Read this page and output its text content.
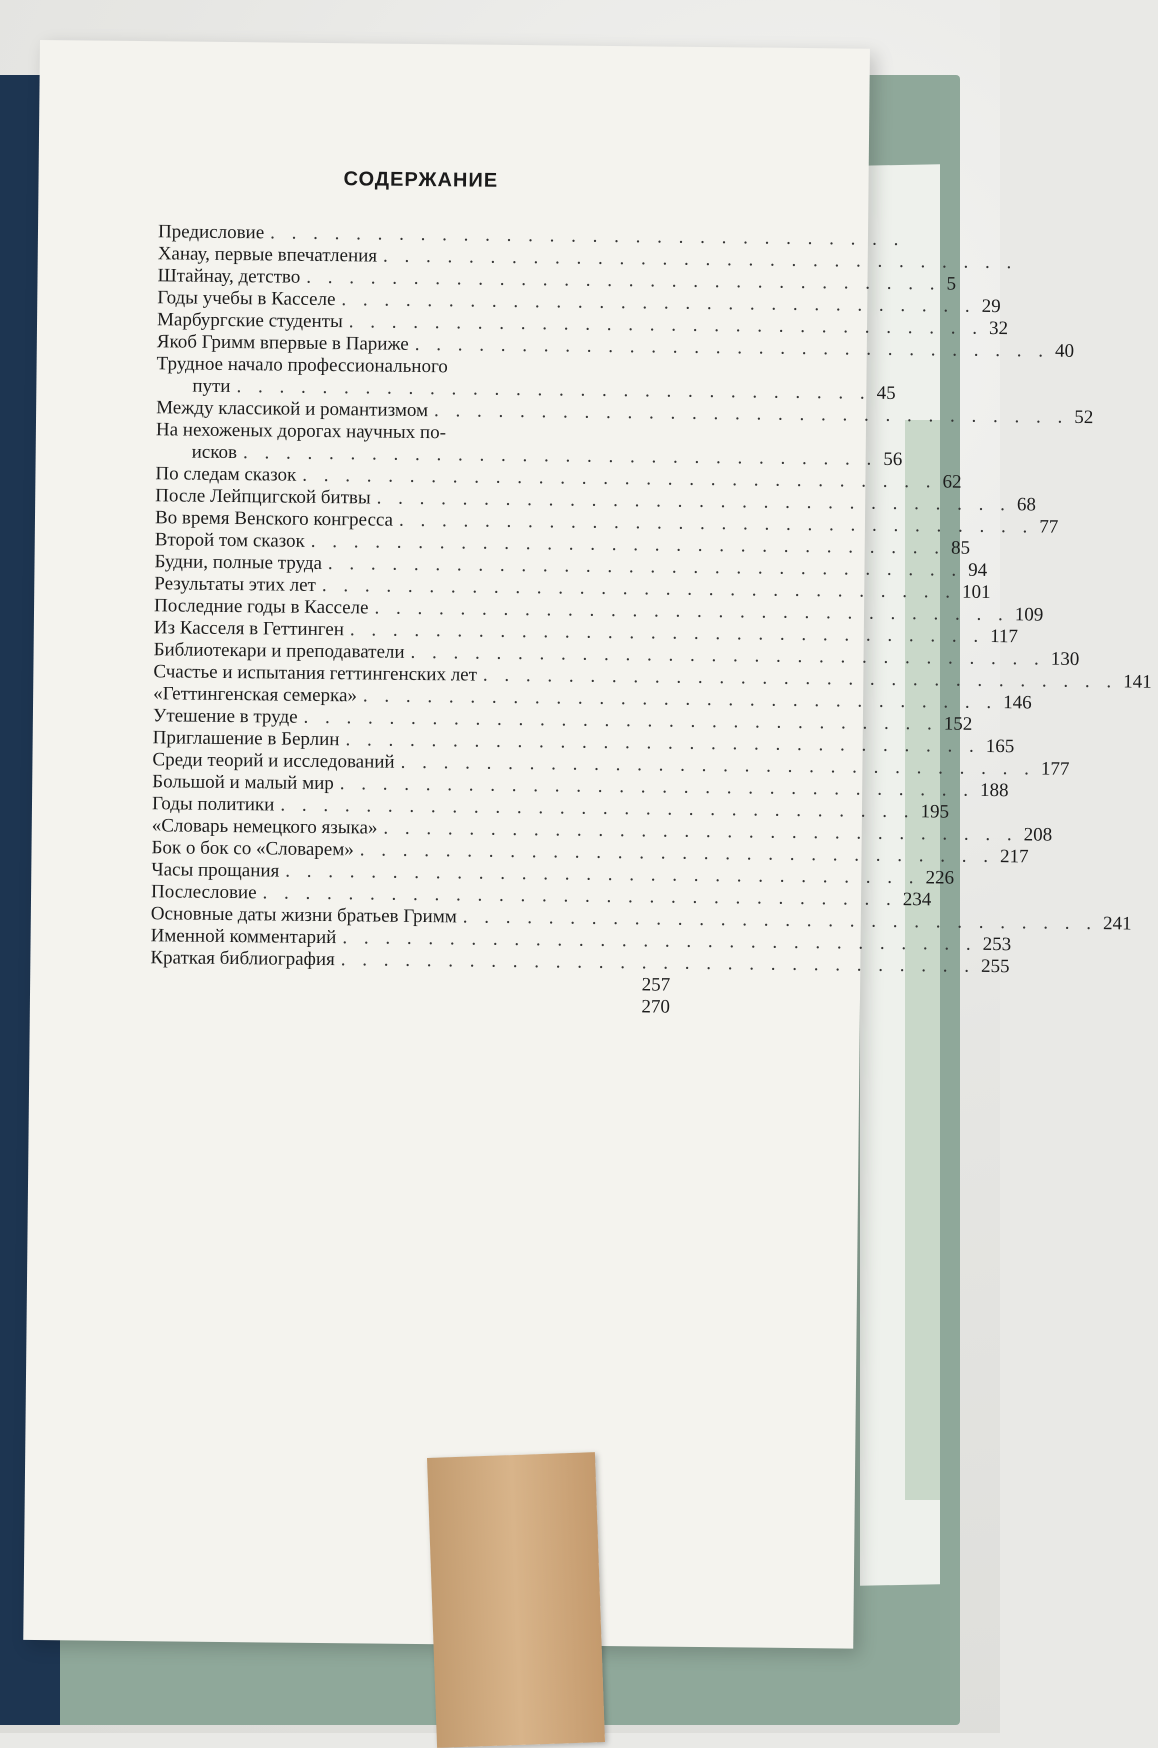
СОДЕРЖАНИЕ
Предисловие . . . . . . . . . . . . . . . . . . . . . . . . . . . . . .
Ханау, первые впечатления . . . . . . . . . . . . . . . . . . . . . . . . . . . . . .
Штайнау, детство . . . . . . . . . . . . . . . . . . . . . . . . . . . . . . 5
Годы учебы в Касселе . . . . . . . . . . . . . . . . . . . . . . . . . . . . . . 29
Марбургские студенты . . . . . . . . . . . . . . . . . . . . . . . . . . . . . . 32
Якоб Гримм впервые в Париже . . . . . . . . . . . . . . . . . . . . . . . . . . . . . . 40
Трудное начало профессионального
пути . . . . . . . . . . . . . . . . . . . . . . . . . . . . . . 45
Между классикой и романтизмом . . . . . . . . . . . . . . . . . . . . . . . . . . . . . . 52
На нехоженых дорогах научных по-
исков . . . . . . . . . . . . . . . . . . . . . . . . . . . . . . 56
По следам сказок . . . . . . . . . . . . . . . . . . . . . . . . . . . . . . 62
После Лейпцигской битвы . . . . . . . . . . . . . . . . . . . . . . . . . . . . . . 68
Во время Венского конгресса . . . . . . . . . . . . . . . . . . . . . . . . . . . . . . 77
Второй том сказок . . . . . . . . . . . . . . . . . . . . . . . . . . . . . . 85
Будни, полные труда . . . . . . . . . . . . . . . . . . . . . . . . . . . . . . 94
Результаты этих лет . . . . . . . . . . . . . . . . . . . . . . . . . . . . . . 101
Последние годы в Касселе . . . . . . . . . . . . . . . . . . . . . . . . . . . . . . 109
Из Касселя в Геттинген . . . . . . . . . . . . . . . . . . . . . . . . . . . . . . 117
Библиотекари и преподаватели . . . . . . . . . . . . . . . . . . . . . . . . . . . . . . 130
Счастье и испытания геттингенских лет . . . . . . . . . . . . . . . . . . . . . . . . . . . . . . 141
«Геттингенская семерка» . . . . . . . . . . . . . . . . . . . . . . . . . . . . . . 146
Утешение в труде . . . . . . . . . . . . . . . . . . . . . . . . . . . . . . 152
Приглашение в Берлин . . . . . . . . . . . . . . . . . . . . . . . . . . . . . . 165
Среди теорий и исследований . . . . . . . . . . . . . . . . . . . . . . . . . . . . . . 177
Большой и малый мир . . . . . . . . . . . . . . . . . . . . . . . . . . . . . . 188
Годы политики . . . . . . . . . . . . . . . . . . . . . . . . . . . . . . 195
«Словарь немецкого языка» . . . . . . . . . . . . . . . . . . . . . . . . . . . . . . 208
Бок о бок со «Словарем» . . . . . . . . . . . . . . . . . . . . . . . . . . . . . . 217
Часы прощания . . . . . . . . . . . . . . . . . . . . . . . . . . . . . . 226
Послесловие . . . . . . . . . . . . . . . . . . . . . . . . . . . . . . 234
Основные даты жизни братьев Гримм . . . . . . . . . . . . . . . . . . . . . . . . . . . . . . 241
Именной комментарий . . . . . . . . . . . . . . . . . . . . . . . . . . . . . . 253
Краткая библиография . . . . . . . . . . . . . . . . . . . . . . . . . . . . . . 255
257
270
